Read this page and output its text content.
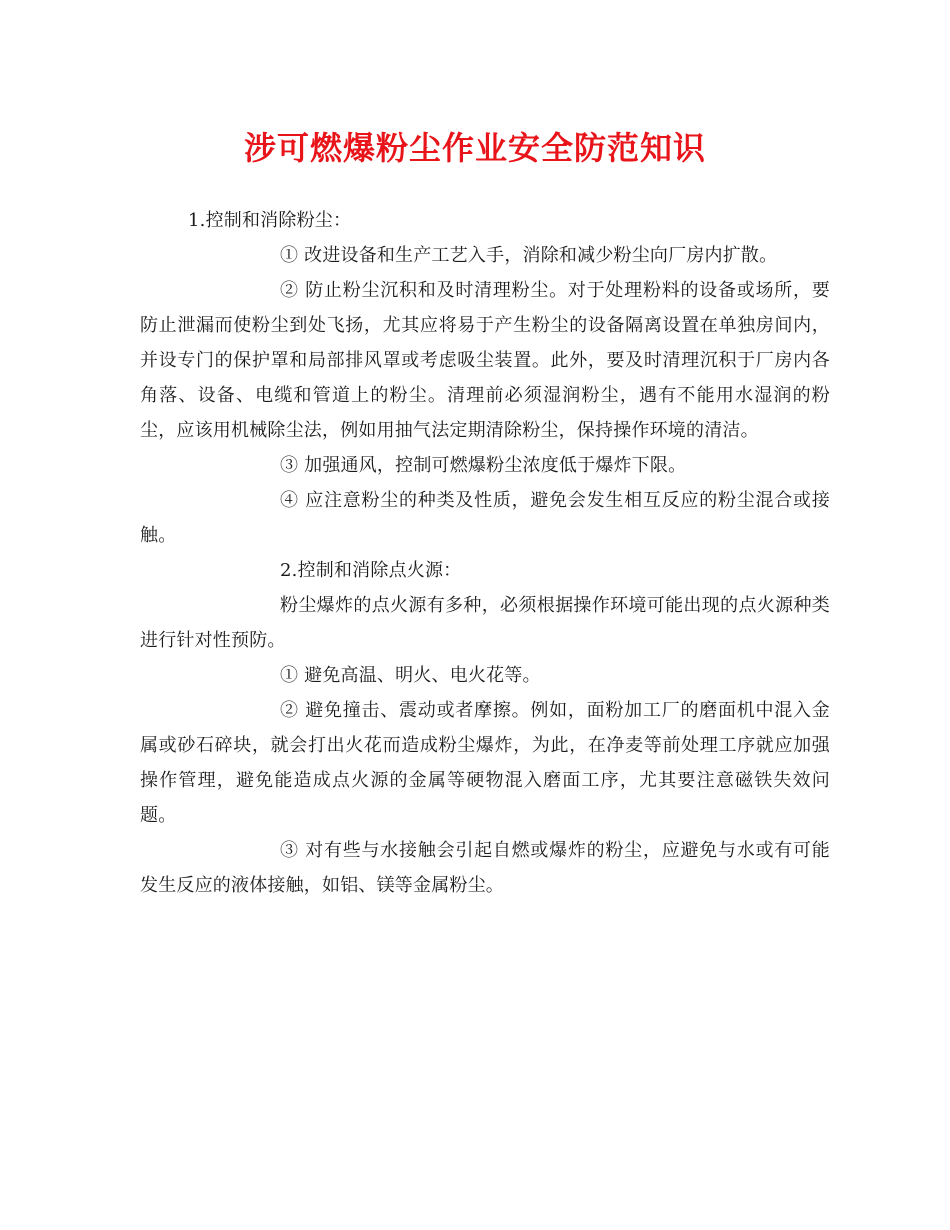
涉可燃爆粉尘作业安全防范知识

1.控制和消除粉尘：

① 改进设备和生产工艺入手，消除和减少粉尘向厂房内扩散。

② 防止粉尘沉积和及时清理粉尘。对于处理粉料的设备或场所，要防止泄漏而使粉尘到处飞扬，尤其应将易于产生粉尘的设备隔离设置在单独房间内，并设专门的保护罩和局部排风罩或考虑吸尘装置。此外，要及时清理沉积于厂房内各角落、设备、电缆和管道上的粉尘。清理前必须湿润粉尘，遇有不能用水湿润的粉尘，应该用机械除尘法，例如用抽气法定期清除粉尘，保持操作环境的清洁。

③ 加强通风，控制可燃爆粉尘浓度低于爆炸下限。

④ 应注意粉尘的种类及性质，避免会发生相互反应的粉尘混合或接触。

2.控制和消除点火源：

粉尘爆炸的点火源有多种，必须根据操作环境可能出现的点火源种类进行针对性预防。

① 避免高温、明火、电火花等。

② 避免撞击、震动或者摩擦。例如，面粉加工厂的磨面机中混入金属或砂石碎块，就会打出火花而造成粉尘爆炸，为此，在净麦等前处理工序就应加强操作管理，避免能造成点火源的金属等硬物混入磨面工序，尤其要注意磁铁失效问题。

③ 对有些与水接触会引起自燃或爆炸的粉尘，应避免与水或有可能发生反应的液体接触，如铝、镁等金属粉尘。
